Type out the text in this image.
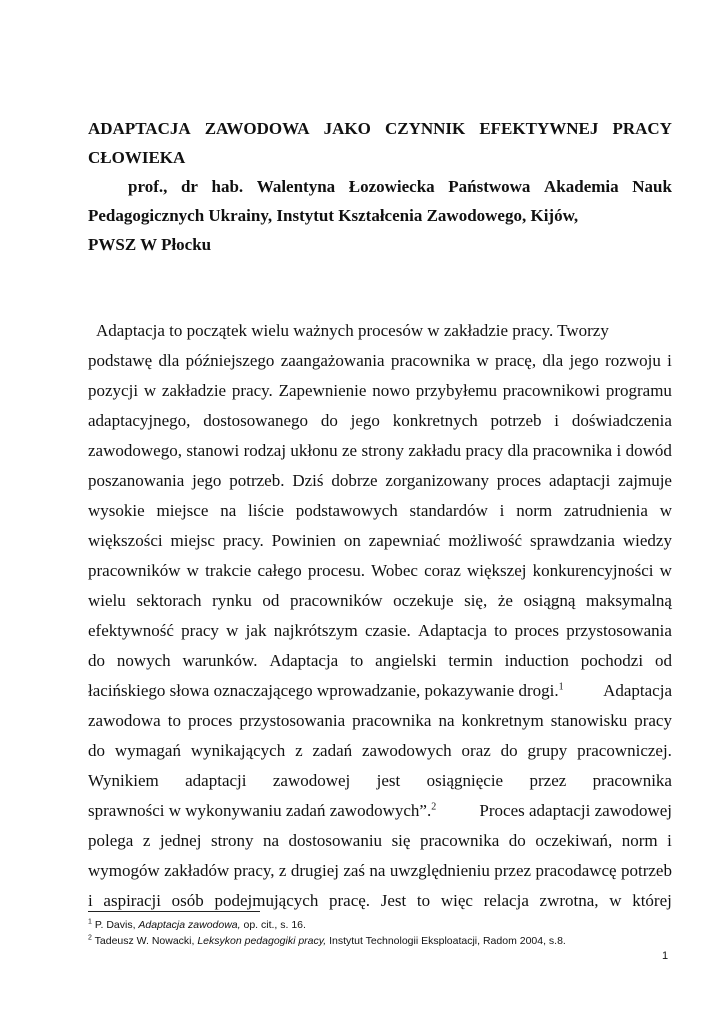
ADAPTACJA ZAWODOWA JAKO CZYNNIK EFEKTYWNEJ PRACY
CŁOWIEKA
prof., dr hab. Walentyna Łozowiecka Państwowa Akademia Nauk
Pedagogicznych Ukrainy, Instytut Kształcenia Zawodowego, Kijów,
PWSZ W Płocku
Adaptacja to początek wielu ważnych procesów w zakładzie pracy. Tworzy
podstawę dla późniejszego zaangażowania pracownika w pracę, dla jego rozwoju i
pozycji w zakładzie pracy. Zapewnienie nowo przybyłemu pracownikowi programu
adaptacyjnego, dostosowanego do jego konkretnych potrzeb i doświadczenia
zawodowego, stanowi rodzaj ukłonu ze strony zakładu pracy dla pracownika i dowód
poszanowania jego potrzeb. Dziś dobrze zorganizowany proces adaptacji zajmuje
wysokie miejsce na liście podstawowych standardów i norm zatrudnienia w
większości miejsc pracy. Powinien on zapewniać możliwość sprawdzania wiedzy
pracowników w trakcie całego procesu. Wobec coraz większej konkurencyjności w
wielu sektorach rynku od pracowników oczekuje się, że osiągną maksymalną
efektywność pracy w jak najkrótszym czasie. Adaptacja to proces przystosowania
do nowych warunków. Adaptacja to angielski termin induction pochodzi od
łacińskiego słowa oznaczającego wprowadzanie, pokazywanie drogi.$^1$ Adaptacja
zawodowa to proces przystosowania pracownika na konkretnym stanowisku pracy
do wymagań wynikających z zadań zawodowych oraz do grupy pracowniczej.
Wynikiem adaptacji zawodowej jest osiągnięcie przez pracownika
sprawności w wykonywaniu zadań zawodowych”.$^2$	Proces adaptacji zawodowej
polega z jednej strony na dostosowaniu się pracownika do oczekiwań, norm i
wymogów zakładów pracy, z drugiej zaś na uwzględnieniu przez pracodawcę potrzeb
i aspiracji osób podejmujących pracę. Jest to więc relacja zwrotna, w której
$^1$ P. Davis, Adaptacja zawodowa, op. cit., s. 16.
$^2$ Tadeusz W. Nowacki, Leksykon pedagogiki pracy, Instytut Technologii Eksploatacji, Radom 2004, s.8.
1
